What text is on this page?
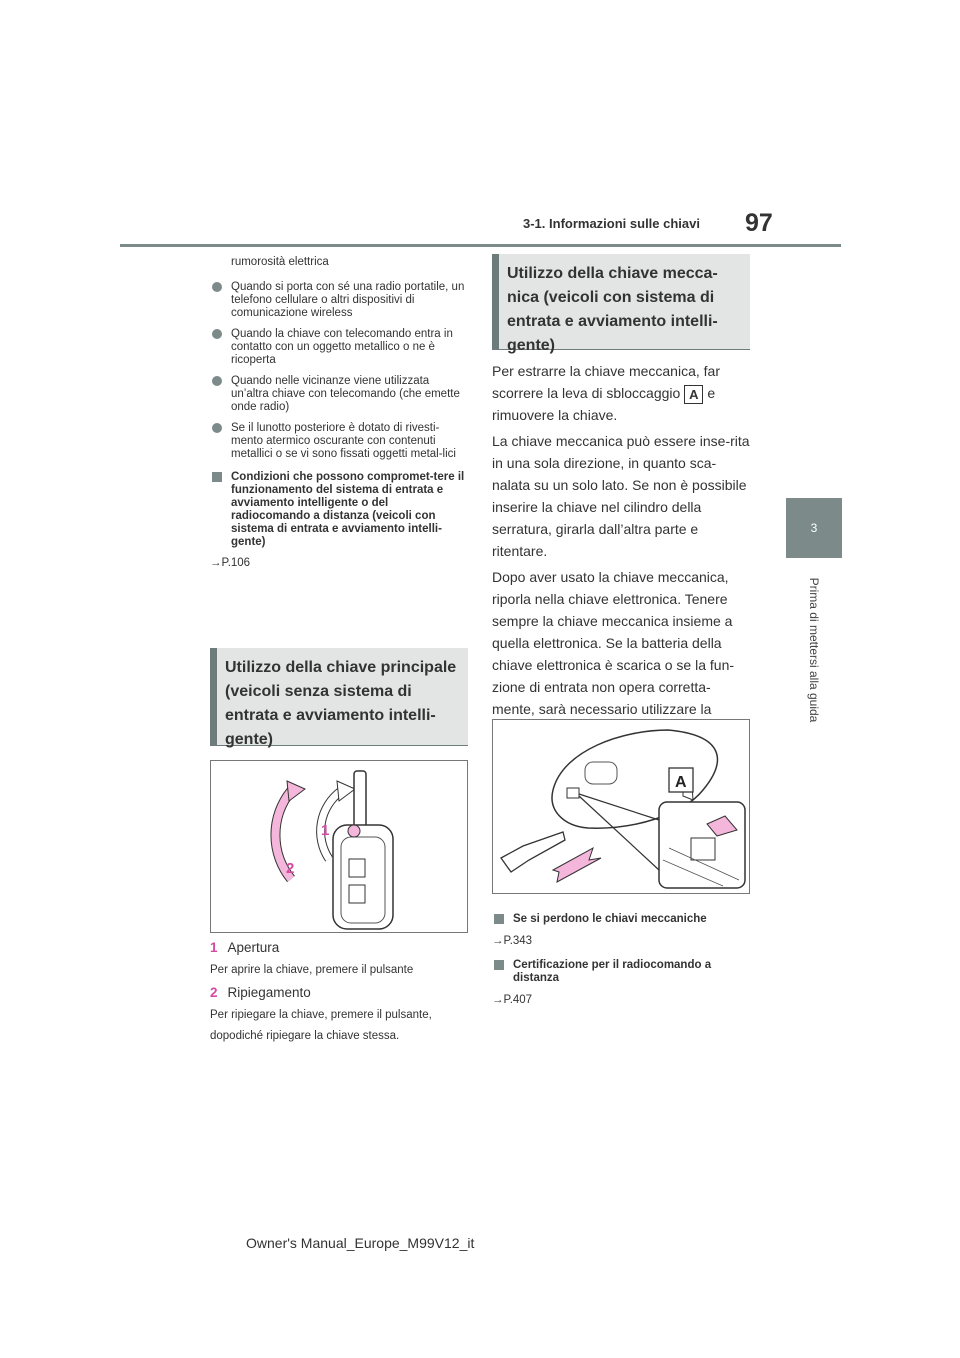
3-1. Informazioni sulle chiavi 97
3
Prima di mettersi alla guida
rumorosità elettrica
Quando si porta con sé una radio portatile, un telefono cellulare o altri dispositivi di comunicazione wireless
Quando la chiave con telecomando entra in contatto con un oggetto metallico o ne è ricoperta
Quando nelle vicinanze viene utilizzata un’altra chiave con telecomando (che emette onde radio)
Se il lunotto posteriore è dotato di rivesti-mento atermico oscurante con contenuti metallici o se vi sono fissati oggetti metal-lici
Condizioni che possono compromet-tere il funzionamento del sistema di entrata e avviamento intelligente o del radiocomando a distanza (veicoli con sistema di entrata e avviamento intelli-gente)
→P.106
Utilizzo della chiave principale (veicoli senza sistema di entrata e avviamento intelli-gente)
1
2
1 Apertura
Per aprire la chiave, premere il pulsante
2 Ripiegamento
Per ripiegare la chiave, premere il pulsante,
dopodiché ripiegare la chiave stessa.
Utilizzo della chiave mecca-nica (veicoli con sistema di entrata e avviamento intelli-gente)
Per estrarre la chiave meccanica, far scorrere la leva di sbloccaggio A e rimuovere la chiave.
La chiave meccanica può essere inse-rita in una sola direzione, in quanto sca-nalata su un solo lato. Se non è possibile inserire la chiave nel cilindro della serratura, girarla dall’altra parte e ritentare.
Dopo aver usato la chiave meccanica, riporla nella chiave elettronica. Tenere sempre la chiave meccanica insieme a quella elettronica. Se la batteria della chiave elettronica è scarica o se la fun-zione di entrata non opera corretta-mente, sarà necessario utilizzare la
A
Se si perdono le chiavi meccaniche
→P.343
Certificazione per il radiocomando a distanza
→P.407
Owner's Manual_Europe_M99V12_it
